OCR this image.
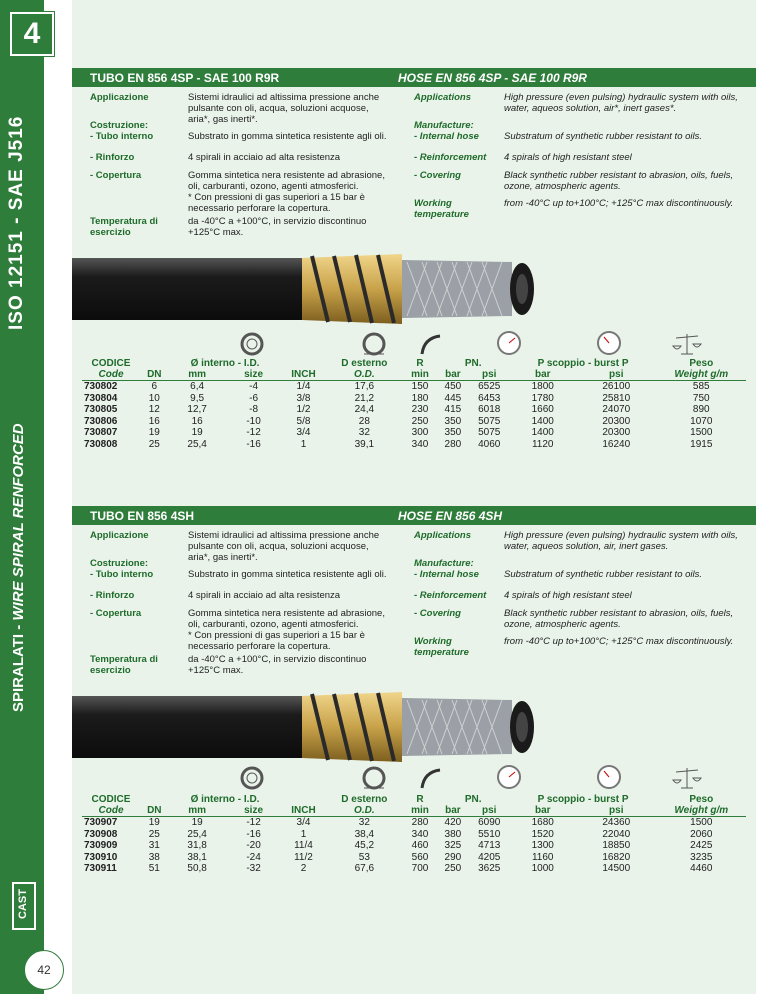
ISO 12151 - SAE J516
SPIRALATI - WIRE SPIRAL RENFORCED
CAST
4
42
TUBO EN 856 4SP - SAE 100 R9R	HOSE EN 856 4SP - SAE 100 R9R
Applicazione	Sistemi idraulici ad altissima pressione anche pulsante con oli, acqua, soluzioni acquose, aria*, gas inerti*.
Costruzione:
- Tubo interno	Substrato in gomma sintetica resistente agli oli.
- Rinforzo	4 spirali in acciaio ad alta resistenza
- Copertura	Gomma sintetica nera resistente ad abrasione, oli, carburanti, ozono, agenti atmosferici.
* Con pressioni di gas superiori a 15 bar è necessario perforare la copertura.
Temperatura di esercizio
da -40°C a +100°C, in servizio discontinuo +125°C max.
Applications	High pressure (even pulsing) hydraulic system with oils, water, aqueos solution, air*, inert gases*.
Manufacture:
- Internal hose	Substratum of synthetic rubber resistant to oils.
- Reinforcement	4 spirals of high resistant steel
- Covering	Black synthetic rubber resistant to abrasion, oils, fuels, ozone, atmospheric agents.
Working temperature
from -40°C up to+100°C; +125°C max discontinuously.
CODICE		Ø interno - I.D.			D esterno	R	PN.		P scoppio - burst P		Peso
Code	DN	mm	size	INCH	O.D.	min	bar	psi	bar	psi	Weight g/m
730802	6	6,4	-4	1/4	17,6	150	450	6525	1800	26100	585
730804	10	9,5	-6	3/8	21,2	180	445	6453	1780	25810	750
730805	12	12,7	-8	1/2	24,4	230	415	6018	1660	24070	890
730806	16	16	-10	5/8	28	250	350	5075	1400	20300	1070
730807	19	19	-12	3/4	32	300	350	5075	1400	20300	1500
730808	25	25,4	-16	1	39,1	340	280	4060	1120	16240	1915
TUBO EN 856 4SH	HOSE EN 856 4SH
Applicazione	Sistemi idraulici ad altissima pressione anche pulsante con oli, acqua, soluzioni acquose, aria*, gas inerti*.
Costruzione:
- Tubo interno	Substrato in gomma sintetica resistente agli oli.
- Rinforzo	4 spirali in acciaio ad alta resistenza
- Copertura	Gomma sintetica nera resistente ad abrasione, oli, carburanti, ozono, agenti atmosferici.
* Con pressioni di gas superiori a 15 bar è necessario perforare la copertura.
Temperatura di esercizio
da -40°C a +100°C, in servizio discontinuo +125°C max.
Applications	High pressure (even pulsing) hydraulic system with oils, water, aqueos solution, air, inert gases.
Manufacture:
- Internal hose	Substratum of synthetic rubber resistant to oils.
- Reinforcement	4 spirals of high resistant steel
- Covering	Black synthetic rubber resistant to abrasion, oils, fuels, ozone, atmospheric agents.
Working temperature
from -40°C up to+100°C; +125°C max discontinuously.
CODICE		Ø interno - I.D.			D esterno	R	PN.		P scoppio - burst P		Peso
Code	DN	mm	size	INCH	O.D.	min	bar	psi	bar	psi	Weight g/m
730907	19	19	-12	3/4	32	280	420	6090	1680	24360	1500
730908	25	25,4	-16	1	38,4	340	380	5510	1520	22040	2060
730909	31	31,8	-20	11/4	45,2	460	325	4713	1300	18850	2425
730910	38	38,1	-24	11/2	53	560	290	4205	1160	16820	3235
730911	51	50,8	-32	2	67,6	700	250	3625	1000	14500	4460
